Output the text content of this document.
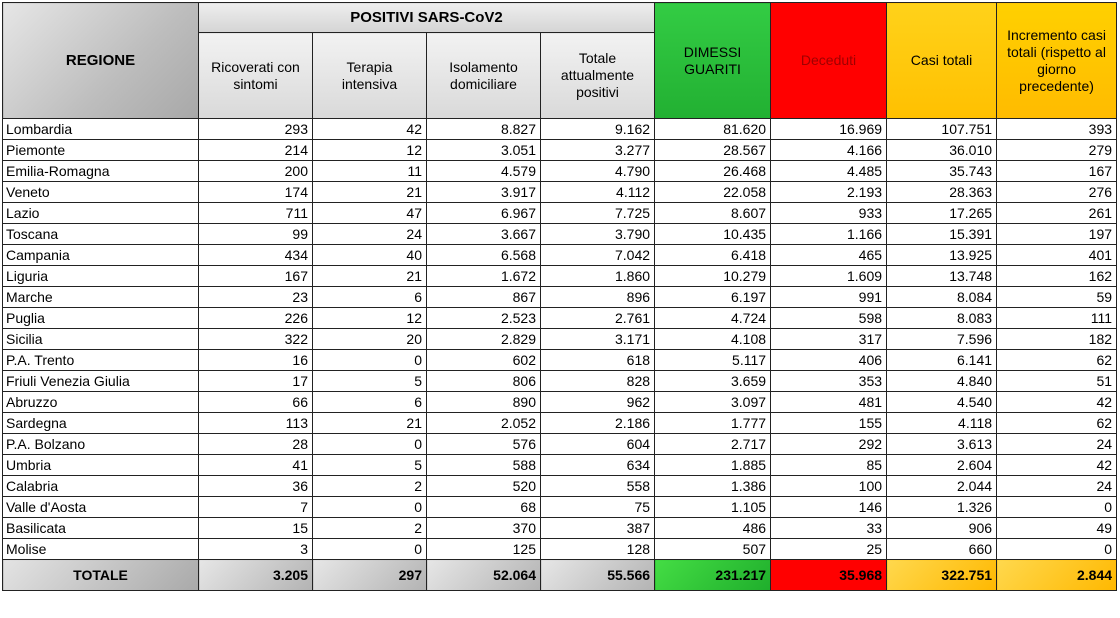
REGIONE	POSITIVI SARS-CoV2				DIMESSI GUARITI	Deceduti	Casi totali	Incremento casi totali (rispetto al giorno precedente)
	Ricoverati con sintomi	Terapia intensiva	Isolamento domiciliare	Totale attualmente positivi				
Lombardia	293	42	8.827	9.162	81.620	16.969	107.751	393
Piemonte	214	12	3.051	3.277	28.567	4.166	36.010	279
Emilia-Romagna	200	11	4.579	4.790	26.468	4.485	35.743	167
Veneto	174	21	3.917	4.112	22.058	2.193	28.363	276
Lazio	711	47	6.967	7.725	8.607	933	17.265	261
Toscana	99	24	3.667	3.790	10.435	1.166	15.391	197
Campania	434	40	6.568	7.042	6.418	465	13.925	401
Liguria	167	21	1.672	1.860	10.279	1.609	13.748	162
Marche	23	6	867	896	6.197	991	8.084	59
Puglia	226	12	2.523	2.761	4.724	598	8.083	111
Sicilia	322	20	2.829	3.171	4.108	317	7.596	182
P.A. Trento	16	0	602	618	5.117	406	6.141	62
Friuli Venezia Giulia	17	5	806	828	3.659	353	4.840	51
Abruzzo	66	6	890	962	3.097	481	4.540	42
Sardegna	113	21	2.052	2.186	1.777	155	4.118	62
P.A. Bolzano	28	0	576	604	2.717	292	3.613	24
Umbria	41	5	588	634	1.885	85	2.604	42
Calabria	36	2	520	558	1.386	100	2.044	24
Valle d'Aosta	7	0	68	75	1.105	146	1.326	0
Basilicata	15	2	370	387	486	33	906	49
Molise	3	0	125	128	507	25	660	0
TOTALE	3.205	297	52.064	55.566	231.217	35.968	322.751	2.844
